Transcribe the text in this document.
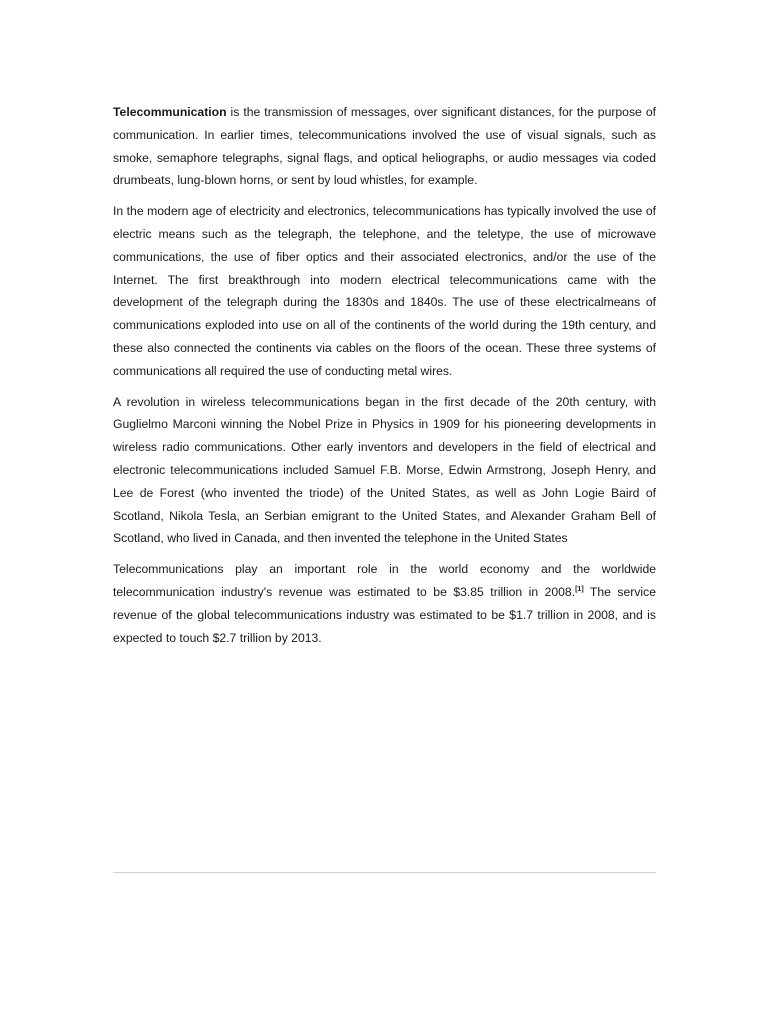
Telecommunication is the transmission of messages, over significant distances, for the purpose of communication. In earlier times, telecommunications involved the use of visual signals, such as smoke, semaphore telegraphs, signal flags, and optical heliographs, or audio messages via coded drumbeats, lung-blown horns, or sent by loud whistles, for example.

In the modern age of electricity and electronics, telecommunications has typically involved the use of electric means such as the telegraph, the telephone, and the teletype, the use of microwave communications, the use of fiber optics and their associated electronics, and/or the use of the Internet. The first breakthrough into modern electrical telecommunications came with the development of the telegraph during the 1830s and 1840s. The use of these electricalmeans of communications exploded into use on all of the continents of the world during the 19th century, and these also connected the continents via cables on the floors of the ocean. These three systems of communications all required the use of conducting metal wires.

A revolution in wireless telecommunications began in the first decade of the 20th century, with Guglielmo Marconi winning the Nobel Prize in Physics in 1909 for his pioneering developments in wireless radio communications. Other early inventors and developers in the field of electrical and electronic telecommunications included Samuel F.B. Morse, Edwin Armstrong, Joseph Henry, and Lee de Forest (who invented the triode) of the United States, as well as John Logie Baird of Scotland, Nikola Tesla, an Serbian emigrant to the United States, and Alexander Graham Bell of Scotland, who lived in Canada, and then invented the telephone in the United States

Telecommunications play an important role in the world economy and the worldwide telecommunication industry's revenue was estimated to be $3.85 trillion in 2008.[1] The service revenue of the global telecommunications industry was estimated to be $1.7 trillion in 2008, and is expected to touch $2.7 trillion by 2013.
